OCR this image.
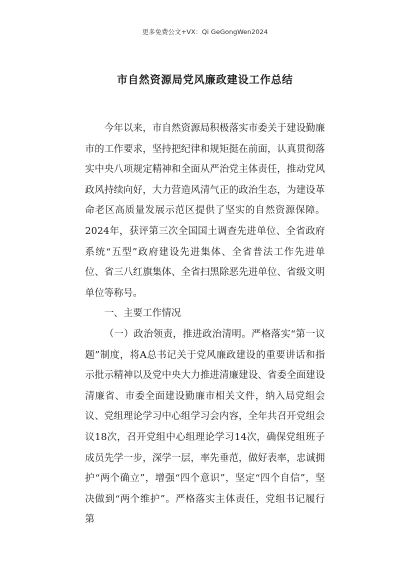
更多免费公文+VX：Qi GeGongWen2024
市自然资源局党风廉政建设工作总结

今年以来，市自然资源局积极落实市委关于建设勤廉市的工作要求，坚持把纪律和规矩挺在前面，认真贯彻落实中央八项规定精神和全面从严治党主体责任，推动党风政风持续向好，大力营造风清气正的政治生态，为建设革命老区高质量发展示范区提供了坚实的自然资源保障。2024年，获评第三次全国国土调查先进单位、全省政府系统“五型”政府建设先进集体、全省普法工作先进单位、省三八红旗集体、全省扫黑除恶先进单位、省级文明单位等称号。

一、主要工作情况

（一）政治领责，推进政治清明。严格落实“第一议题”制度，将A总书记关于党风廉政建设的重要讲话和指示批示精神以及党中央大力推进清廉建设、省委全面建设清廉省、市委全面建设勤廉市相关文件，纳入局党组会议、党组理论学习中心组学习会内容，全年共召开党组会议18次，召开党组中心组理论学习14次，确保党组班子成员先学一步，深学一层，率先垂范，做好表率，忠诚拥护“两个确立”，增强“四个意识”，坚定“四个自信”，坚决做到“两个维护”。严格落实主体责任，党组书记履行第
